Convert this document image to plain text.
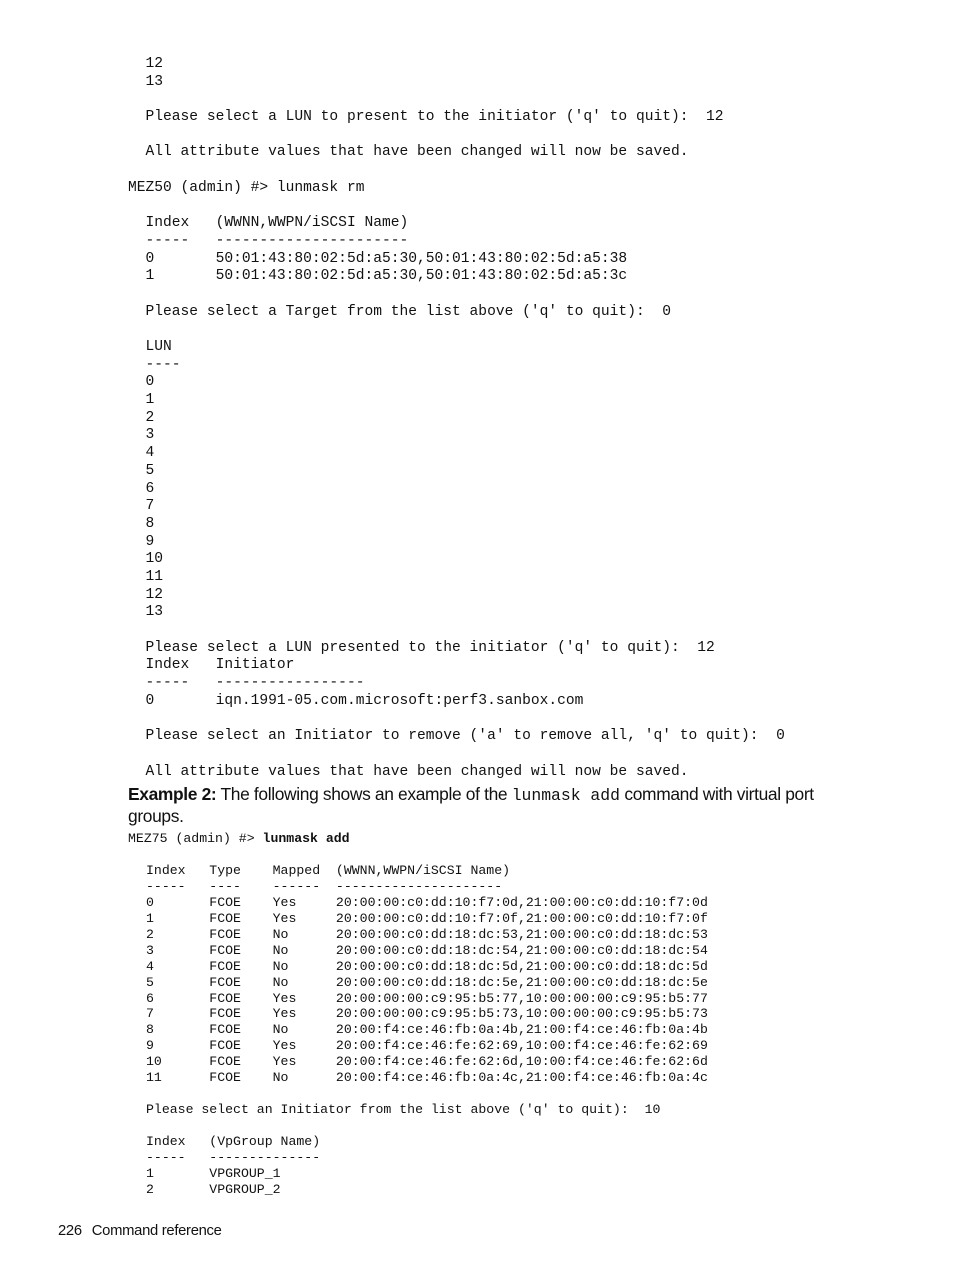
12
13

Please select a LUN to present to the initiator ('q' to quit):  12

All attribute values that have been changed will now be saved.

MEZ50 (admin) #> lunmask rm

Index   (WWNN,WWPN/iSCSI Name)
-----   ----------------------
0       50:01:43:80:02:5d:a5:30,50:01:43:80:02:5d:a5:38
1       50:01:43:80:02:5d:a5:30,50:01:43:80:02:5d:a5:3c

Please select a Target from the list above ('q' to quit):  0

LUN
----
0
1
2
3
4
5
6
7
8
9
10
11
12
13

Please select a LUN presented to the initiator ('q' to quit):  12
Index   Initiator
-----   -----------------
0       iqn.1991-05.com.microsoft:perf3.sanbox.com

Please select an Initiator to remove ('a' to remove all, 'q' to quit):  0

All attribute values that have been changed will now be saved.

Example 2: The following shows an example of the lunmask add command with virtual port groups.

MEZ75 (admin) #> lunmask add
Index   Type    Mapped  (WWNN,WWPN/iSCSI Name)
-----   ----    ------  ---------------------
0       FCOE    Yes     20:00:00:c0:dd:10:f7:0d,21:00:00:c0:dd:10:f7:0d
1       FCOE    Yes     20:00:00:c0:dd:10:f7:0f,21:00:00:c0:dd:10:f7:0f
2       FCOE    No      20:00:00:c0:dd:18:dc:53,21:00:00:c0:dd:18:dc:53
3       FCOE    No      20:00:00:c0:dd:18:dc:54,21:00:00:c0:dd:18:dc:54
4       FCOE    No      20:00:00:c0:dd:18:dc:5d,21:00:00:c0:dd:18:dc:5d
5       FCOE    No      20:00:00:c0:dd:18:dc:5e,21:00:00:c0:dd:18:dc:5e
6       FCOE    Yes     20:00:00:00:c9:95:b5:77,10:00:00:00:c9:95:b5:77
7       FCOE    Yes     20:00:00:00:c9:95:b5:73,10:00:00:00:c9:95:b5:73
8       FCOE    No      20:00:f4:ce:46:fb:0a:4b,21:00:f4:ce:46:fb:0a:4b
9       FCOE    Yes     20:00:f4:ce:46:fe:62:69,10:00:f4:ce:46:fe:62:69
10      FCOE    Yes     20:00:f4:ce:46:fe:62:6d,10:00:f4:ce:46:fe:62:6d
11      FCOE    No      20:00:f4:ce:46:fb:0a:4c,21:00:f4:ce:46:fb:0a:4c

Please select an Initiator from the list above ('q' to quit):  10

Index   (VpGroup Name)
-----   --------------
1       VPGROUP_1
2       VPGROUP_2
226 Command reference
